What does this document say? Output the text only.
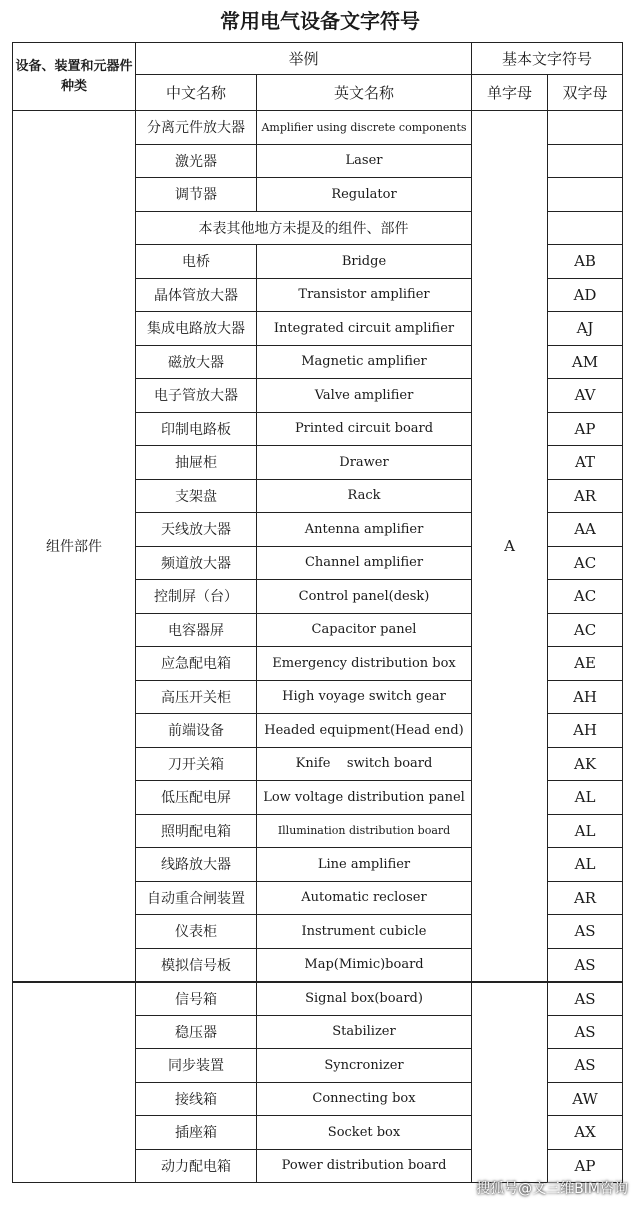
常用电气设备文字符号
设备、装置和元器件种类	举例		基本文字符号	
	中文名称	英文名称	单字母	双字母
组件部件	分离元件放大器	Amplifier using discrete components	A	
	激光器	Laser		
	调节器	Regulator		
	本表其他地方未提及的组件、部件			
	电桥	Bridge		AB
	晶体管放大器	Transistor amplifier		AD
	集成电路放大器	Integrated circuit amplifier		AJ
	磁放大器	Magnetic amplifier		AM
	电子管放大器	Valve amplifier		AV
	印制电路板	Printed circuit board		AP
	抽屉柜	Drawer		AT
	支架盘	Rack		AR
	天线放大器	Antenna amplifier		AA
	频道放大器	Channel amplifier		AC
	控制屏（台）	Control panel(desk)		AC
	电容器屏	Capacitor panel		AC
	应急配电箱	Emergency distribution box		AE
	高压开关柜	High voyage switch gear		AH
	前端设备	Headed equipment(Head end)		AH
	刀开关箱	Knife    switch board		AK
	低压配电屏	Low voltage distribution panel		AL
	照明配电箱	Illumination distribution board		AL
	线路放大器	Line amplifier		AL
	自动重合闸装置	Automatic recloser		AR
	仪表柜	Instrument cubicle		AS
	模拟信号板	Map(Mimic)board		AS
	信号箱	Signal box(board)		AS
	稳压器	Stabilizer		AS
	同步装置	Syncronizer		AS
	接线箱	Connecting box		AW
	插座箱	Socket box		AX
	动力配电箱	Power distribution board		AP
搜狐号@文三维BIM咨询
